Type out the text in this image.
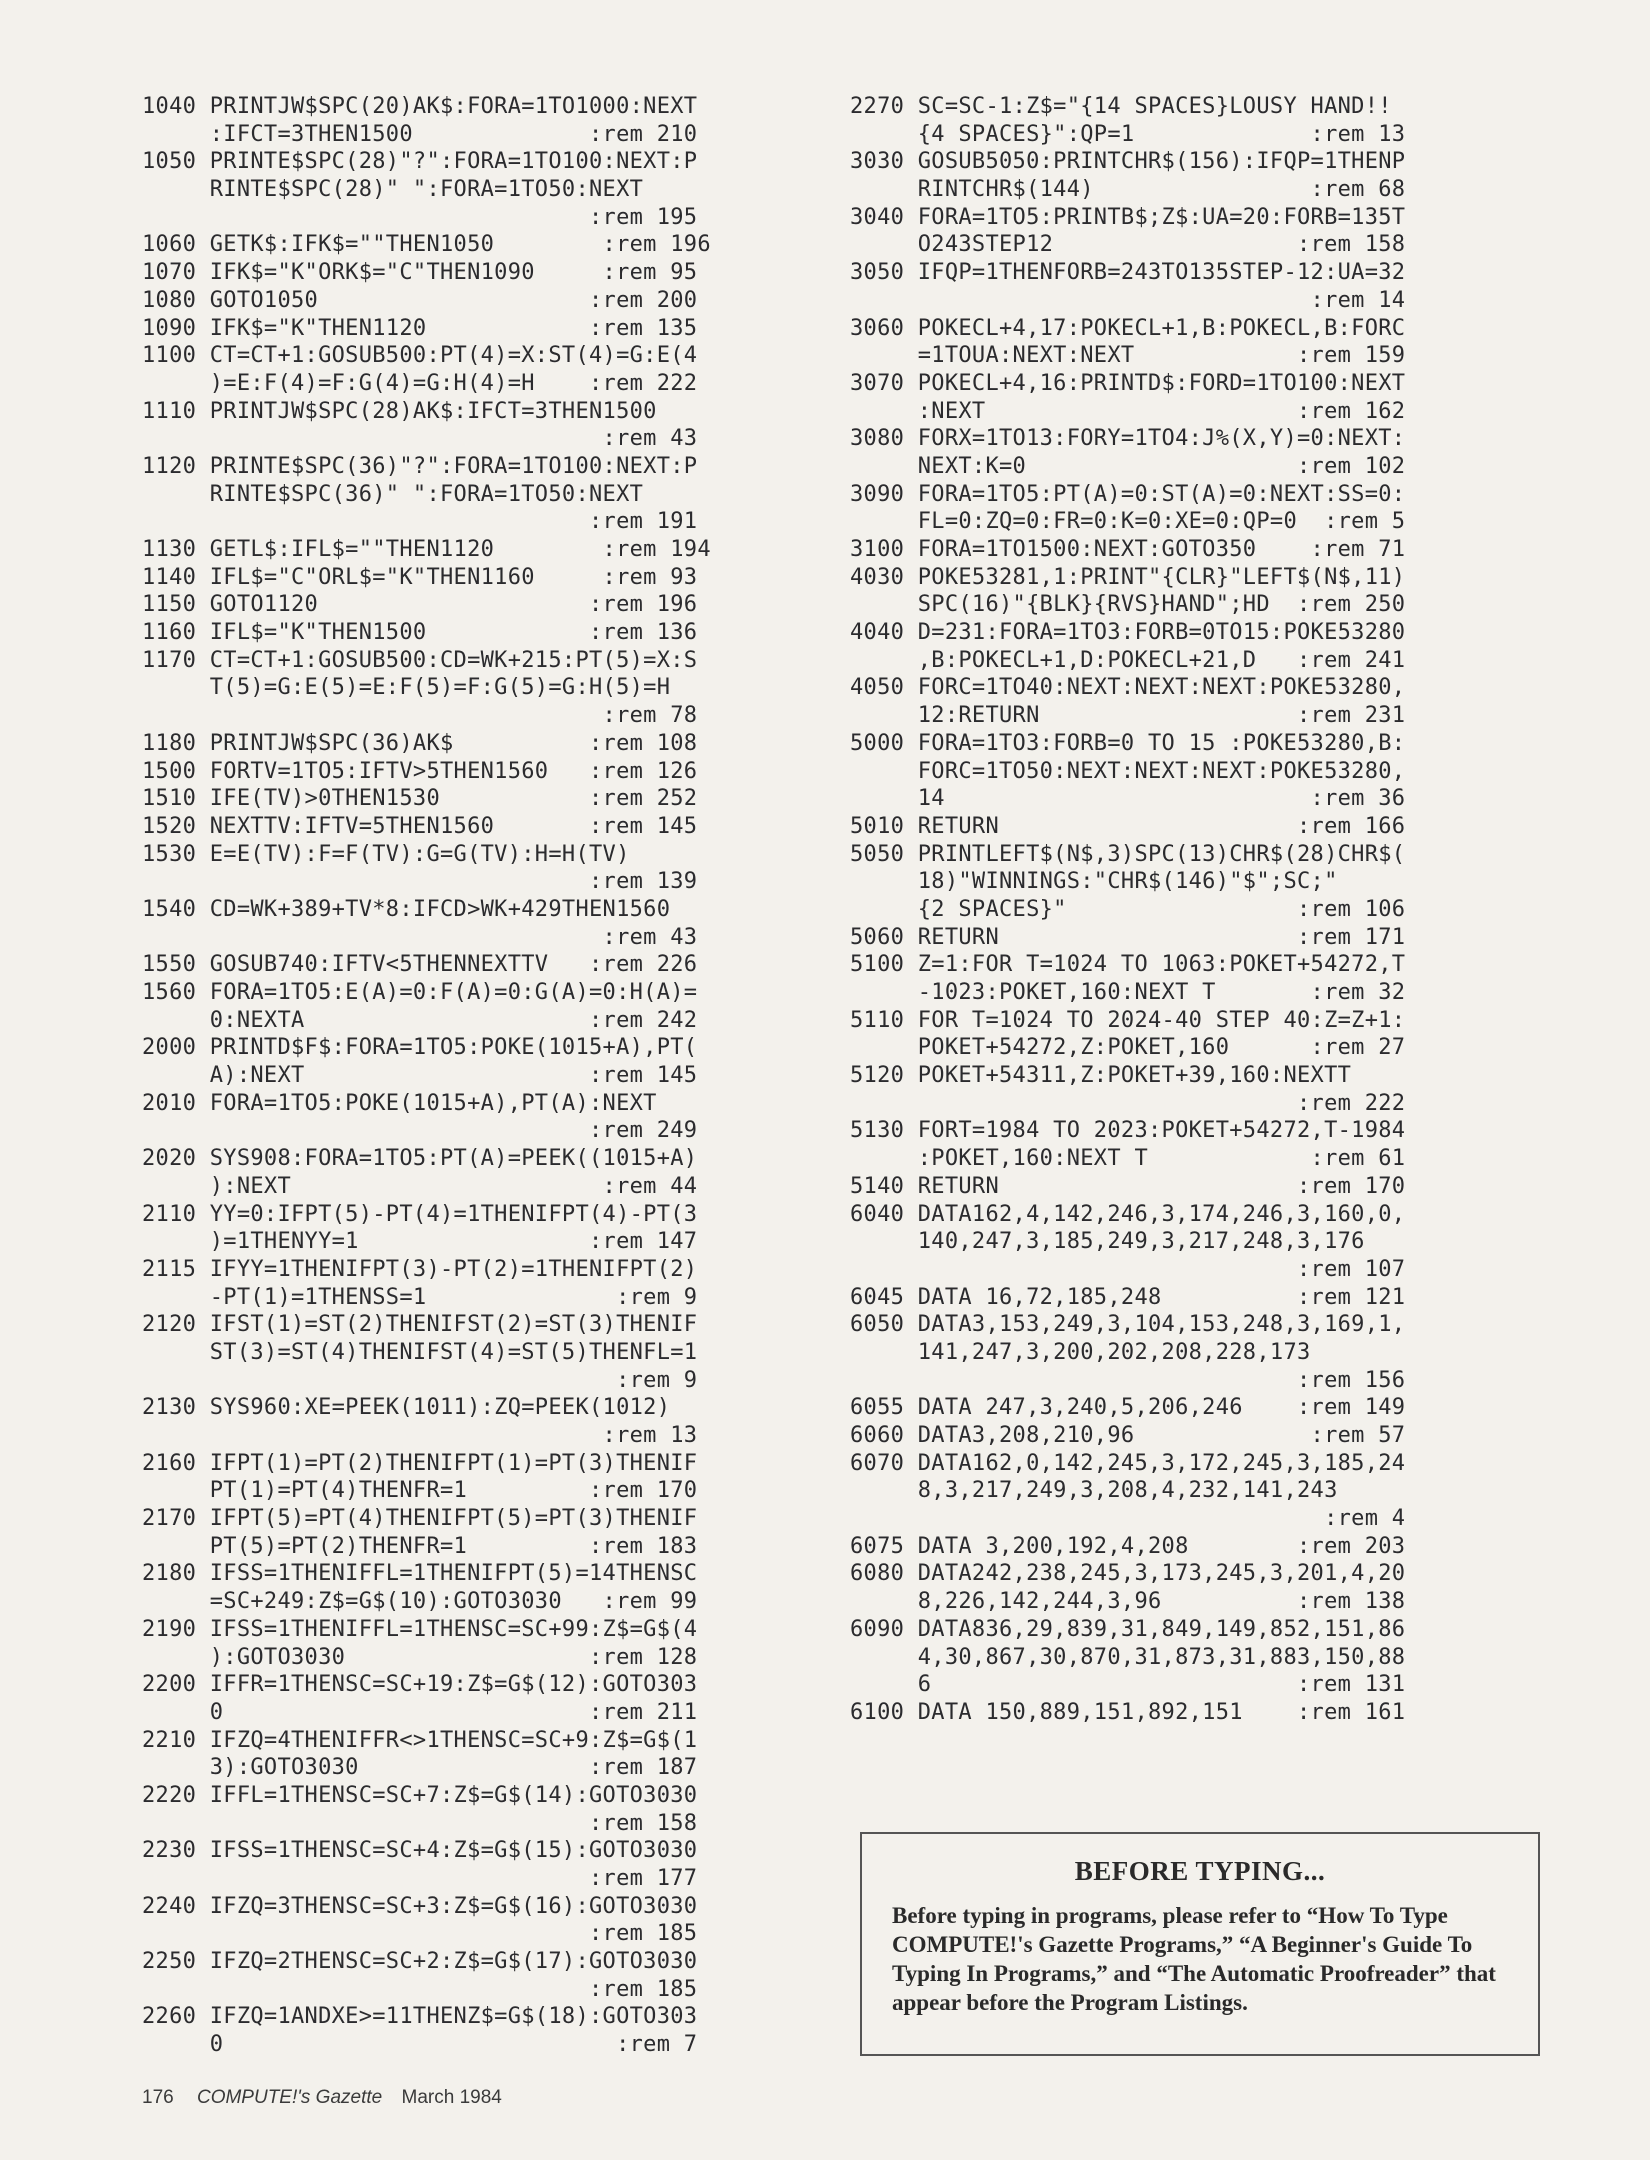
1040 PRINTJW$SPC(20)AK$:FORA=1TO1000:NEXT
:IFCT=3THEN1500             :rem 210
1050 PRINTE$SPC(28)"?":FORA=1TO100:NEXT:P
RINTE$SPC(28)" ":FORA=1TO50:NEXT
:rem 195
1060 GETK$:IFK$=""THEN1050        :rem 196
1070 IFK$="K"ORK$="C"THEN1090     :rem 95
1080 GOTO1050                    :rem 200
1090 IFK$="K"THEN1120            :rem 135
1100 CT=CT+1:GOSUB500:PT(4)=X:ST(4)=G:E(4
)=E:F(4)=F:G(4)=G:H(4)=H    :rem 222
1110 PRINTJW$SPC(28)AK$:IFCT=3THEN1500
:rem 43
1120 PRINTE$SPC(36)"?":FORA=1TO100:NEXT:P
RINTE$SPC(36)" ":FORA=1TO50:NEXT
:rem 191
1130 GETL$:IFL$=""THEN1120        :rem 194
1140 IFL$="C"ORL$="K"THEN1160     :rem 93
1150 GOTO1120                    :rem 196
1160 IFL$="K"THEN1500            :rem 136
1170 CT=CT+1:GOSUB500:CD=WK+215:PT(5)=X:S
T(5)=G:E(5)=E:F(5)=F:G(5)=G:H(5)=H
:rem 78
1180 PRINTJW$SPC(36)AK$          :rem 108
1500 FORTV=1TO5:IFTV>5THEN1560   :rem 126
1510 IFE(TV)>0THEN1530           :rem 252
1520 NEXTTV:IFTV=5THEN1560       :rem 145
1530 E=E(TV):F=F(TV):G=G(TV):H=H(TV)
:rem 139
1540 CD=WK+389+TV*8:IFCD>WK+429THEN1560
:rem 43
1550 GOSUB740:IFTV<5THENNEXTTV   :rem 226
1560 FORA=1TO5:E(A)=0:F(A)=0:G(A)=0:H(A)=
0:NEXTA                     :rem 242
2000 PRINTD$F$:FORA=1TO5:POKE(1015+A),PT(
A):NEXT                     :rem 145
2010 FORA=1TO5:POKE(1015+A),PT(A):NEXT
:rem 249
2020 SYS908:FORA=1TO5:PT(A)=PEEK((1015+A)
):NEXT                       :rem 44
2110 YY=0:IFPT(5)-PT(4)=1THENIFPT(4)-PT(3
)=1THENYY=1                 :rem 147
2115 IFYY=1THENIFPT(3)-PT(2)=1THENIFPT(2)
-PT(1)=1THENSS=1              :rem 9
2120 IFST(1)=ST(2)THENIFST(2)=ST(3)THENIF
ST(3)=ST(4)THENIFST(4)=ST(5)THENFL=1
:rem 9
2130 SYS960:XE=PEEK(1011):ZQ=PEEK(1012)
:rem 13
2160 IFPT(1)=PT(2)THENIFPT(1)=PT(3)THENIF
PT(1)=PT(4)THENFR=1         :rem 170
2170 IFPT(5)=PT(4)THENIFPT(5)=PT(3)THENIF
PT(5)=PT(2)THENFR=1         :rem 183
2180 IFSS=1THENIFFL=1THENIFPT(5)=14THENSC
=SC+249:Z$=G$(10):GOTO3030   :rem 99
2190 IFSS=1THENIFFL=1THENSC=SC+99:Z$=G$(4
):GOTO3030                  :rem 128
2200 IFFR=1THENSC=SC+19:Z$=G$(12):GOTO303
0                           :rem 211
2210 IFZQ=4THENIFFR<>1THENSC=SC+9:Z$=G$(1
3):GOTO3030                 :rem 187
2220 IFFL=1THENSC=SC+7:Z$=G$(14):GOTO3030
:rem 158
2230 IFSS=1THENSC=SC+4:Z$=G$(15):GOTO3030
:rem 177
2240 IFZQ=3THENSC=SC+3:Z$=G$(16):GOTO3030
:rem 185
2250 IFZQ=2THENSC=SC+2:Z$=G$(17):GOTO3030
:rem 185
2260 IFZQ=1ANDXE>=11THENZ$=G$(18):GOTO303
0                             :rem 7
2270 SC=SC-1:Z$="{14 SPACES}LOUSY HAND!!
{4 SPACES}":QP=1             :rem 13
3030 GOSUB5050:PRINTCHR$(156):IFQP=1THENP
RINTCHR$(144)                :rem 68
3040 FORA=1TO5:PRINTB$;Z$:UA=20:FORB=135T
O243STEP12                  :rem 158
3050 IFQP=1THENFORB=243TO135STEP-12:UA=32
:rem 14
3060 POKECL+4,17:POKECL+1,B:POKECL,B:FORC
=1TOUA:NEXT:NEXT            :rem 159
3070 POKECL+4,16:PRINTD$:FORD=1TO100:NEXT
:NEXT                       :rem 162
3080 FORX=1TO13:FORY=1TO4:J%(X,Y)=0:NEXT:
NEXT:K=0                    :rem 102
3090 FORA=1TO5:PT(A)=0:ST(A)=0:NEXT:SS=0:
FL=0:ZQ=0:FR=0:K=0:XE=0:QP=0  :rem 5
3100 FORA=1TO1500:NEXT:GOTO350    :rem 71
4030 POKE53281,1:PRINT"{CLR}"LEFT$(N$,11)
SPC(16)"{BLK}{RVS}HAND";HD  :rem 250
4040 D=231:FORA=1TO3:FORB=0TO15:POKE53280
,B:POKECL+1,D:POKECL+21,D   :rem 241
4050 FORC=1TO40:NEXT:NEXT:NEXT:POKE53280,
12:RETURN                   :rem 231
5000 FORA=1TO3:FORB=0 TO 15 :POKE53280,B:
FORC=1TO50:NEXT:NEXT:NEXT:POKE53280,
14                           :rem 36
5010 RETURN                      :rem 166
5050 PRINTLEFT$(N$,3)SPC(13)CHR$(28)CHR$(
18)"WINNINGS:"CHR$(146)"$";SC;"
{2 SPACES}"                 :rem 106
5060 RETURN                      :rem 171
5100 Z=1:FOR T=1024 TO 1063:POKET+54272,T
-1023:POKET,160:NEXT T       :rem 32
5110 FOR T=1024 TO 2024-40 STEP 40:Z=Z+1:
POKET+54272,Z:POKET,160      :rem 27
5120 POKET+54311,Z:POKET+39,160:NEXTT
:rem 222
5130 FORT=1984 TO 2023:POKET+54272,T-1984
:POKET,160:NEXT T            :rem 61
5140 RETURN                      :rem 170
6040 DATA162,4,142,246,3,174,246,3,160,0,
140,247,3,185,249,3,217,248,3,176
:rem 107
6045 DATA 16,72,185,248          :rem 121
6050 DATA3,153,249,3,104,153,248,3,169,1,
141,247,3,200,202,208,228,173
:rem 156
6055 DATA 247,3,240,5,206,246    :rem 149
6060 DATA3,208,210,96             :rem 57
6070 DATA162,0,142,245,3,172,245,3,185,24
8,3,217,249,3,208,4,232,141,243
:rem 4
6075 DATA 3,200,192,4,208        :rem 203
6080 DATA242,238,245,3,173,245,3,201,4,20
8,226,142,244,3,96          :rem 138
6090 DATA836,29,839,31,849,149,852,151,86
4,30,867,30,870,31,873,31,883,150,88
6                           :rem 131
6100 DATA 150,889,151,892,151    :rem 161
BEFORE TYPING...
Before typing in programs, please refer to “How To Type COMPUTE!'s Gazette Programs,” “A Beginner's Guide To Typing In Programs,” and “The Automatic Proofreader” that appear before the Program Listings.
176 COMPUTE!'s Gazette March 1984
